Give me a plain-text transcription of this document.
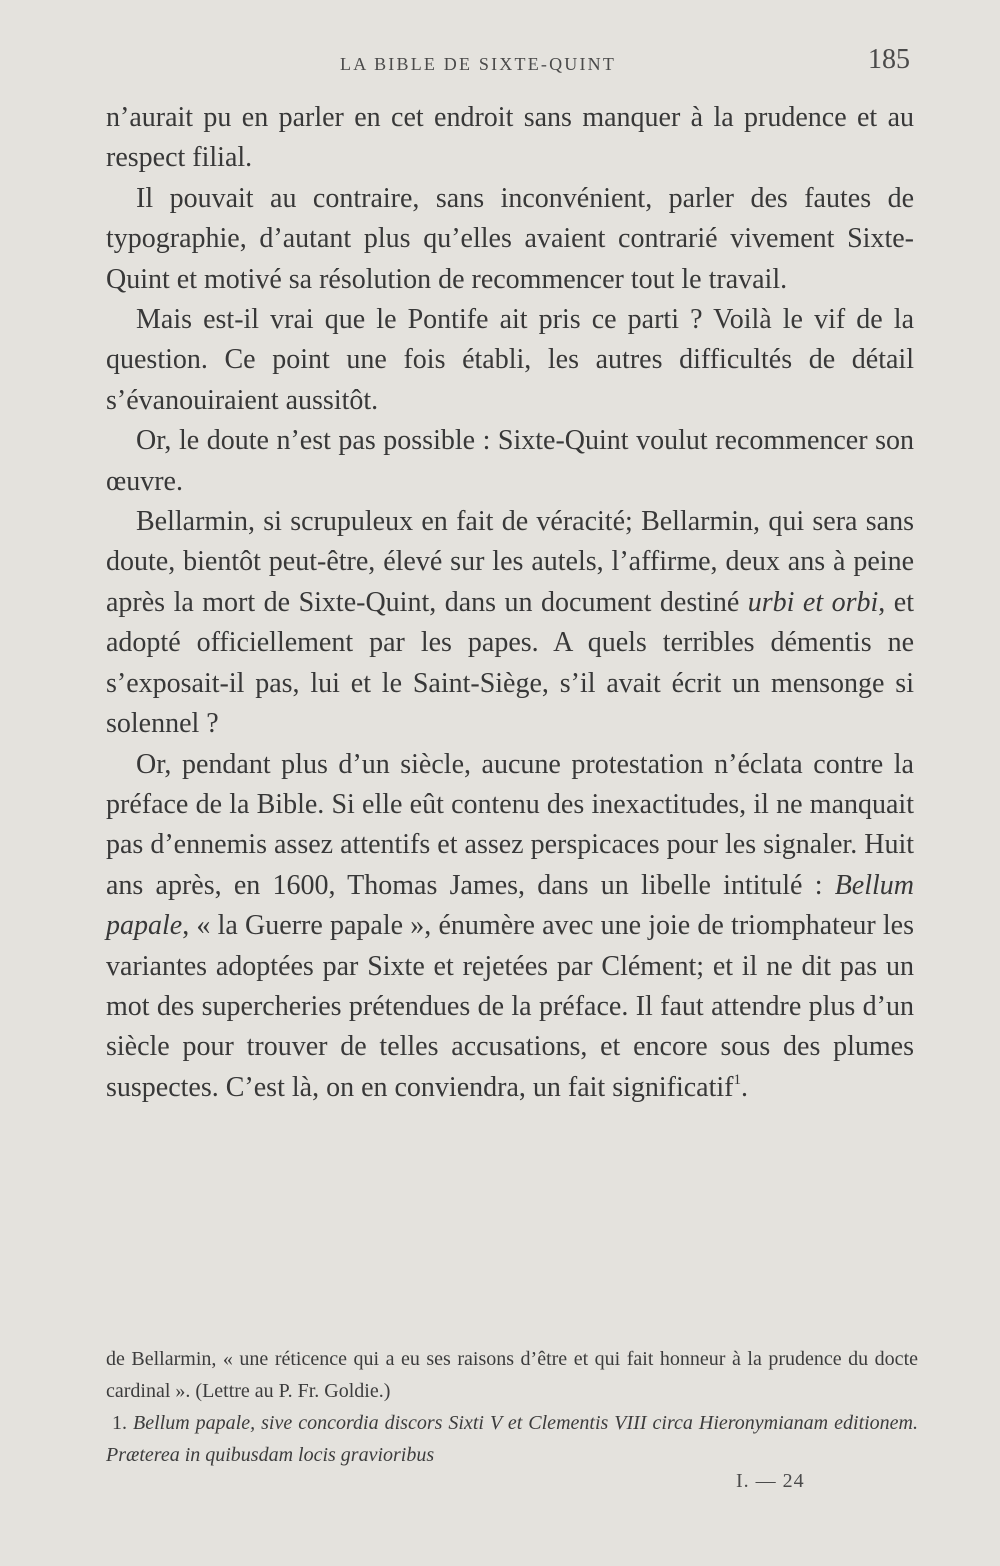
LA BIBLE DE SIXTE-QUINT	185

n’aurait pu en parler en cet endroit sans manquer à la prudence et au respect filial.

Il pouvait au contraire, sans inconvénient, parler des fautes de typographie, d’autant plus qu’elles avaient contrarié vivement Sixte-Quint et motivé sa résolution de recommencer tout le travail.

Mais est-il vrai que le Pontife ait pris ce parti ? Voilà le vif de la question. Ce point une fois établi, les autres difficultés de détail s’évanouiraient aussitôt.

Or, le doute n’est pas possible : Sixte-Quint voulut recommencer son œuvre.

Bellarmin, si scrupuleux en fait de véracité; Bellarmin, qui sera sans doute, bientôt peut-être, élevé sur les autels, l’affirme, deux ans à peine après la mort de Sixte-Quint, dans un document destiné urbi et orbi, et adopté officiellement par les papes. A quels terribles démentis ne s’exposait-il pas, lui et le Saint-Siège, s’il avait écrit un mensonge si solennel ?

Or, pendant plus d’un siècle, aucune protestation n’éclata contre la préface de la Bible. Si elle eût contenu des inexactitudes, il ne manquait pas d’ennemis assez attentifs et assez perspicaces pour les signaler. Huit ans après, en 1600, Thomas James, dans un libelle intitulé : Bellum papale, « la Guerre papale », énumère avec une joie de triomphateur les variantes adoptées par Sixte et rejetées par Clément; et il ne dit pas un mot des supercheries prétendues de la préface. Il faut attendre plus d’un siècle pour trouver de telles accusations, et encore sous des plumes suspectes. C’est là, on en conviendra, un fait significatif$^1$.

de Bellarmin, « une réticence qui a eu ses raisons d’être et qui fait honneur à la prudence du docte cardinal ». (Lettre au P. Fr. Goldie.)

1. Bellum papale, sive concordia discors Sixti V et Clementis VIII circa Hieronymianam editionem. Præterea in quibusdam locis gravioribus

I. — 24
